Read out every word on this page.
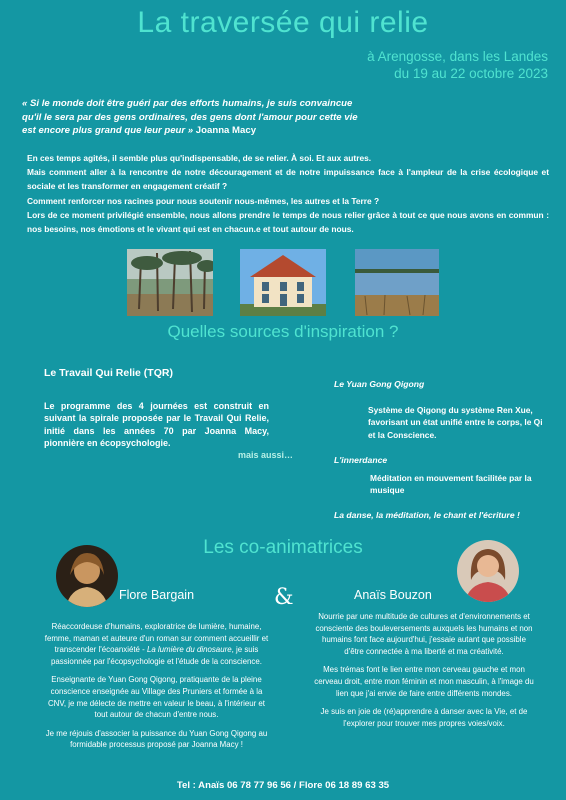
La traversée qui relie
à Arengosse, dans les Landes
du 19 au 22 octobre 2023
« Si le monde doit être guéri par des efforts humains, je suis convaincue qu'il le sera par des gens ordinaires, des gens dont l'amour pour cette vie est encore plus grand que leur peur » Joanna Macy

En ces temps agités, il semble plus qu'indispensable, de se relier. À soi. Et aux autres.

Mais comment aller à la rencontre de notre découragement et de notre impuissance face à l'ampleur de la crise écologique et sociale et les transformer en engagement créatif ?

Comment renforcer nos racines pour nous soutenir nous-mêmes, les autres et la Terre ?

Lors de ce moment privilégié ensemble, nous allons prendre le temps de nous relier grâce à tout ce que nous avons en commun : nos besoins, nos émotions et le vivant qui est en chacun.e et tout autour de nous.

Quelles sources d'inspiration ?
Le Travail Qui Relie (TQR)
Le programme des 4 journées est construit en suivant la spirale proposée par le Travail Qui Relie, initié dans les années 70 par Joanna Macy, pionnière en écopsychologie.
mais aussi…
Le Yuan Gong Qigong
Système de Qigong du système Ren Xue, favorisant un état unifié entre le corps, le Qi et la Conscience.
L'innerdance
Méditation en mouvement facilitée par la musique
La danse, la méditation, le chant et l'écriture !
Les co-animatrices
Flore Bargain	&	Anaïs Bouzon

Réaccordeuse d'humains, exploratrice de lumière, humaine, femme, maman et auteure d'un roman sur comment accueillir et transcender l'écoanxiété - La lumière du dinosaure, je suis passionnée par l'écopsychologie et l'étude de la conscience.

Enseignante de Yuan Gong Qigong, pratiquante de la pleine conscience enseignée au Village des Pruniers et formée à la CNV, je me délecte de mettre en valeur le beau, à l'intérieur et tout autour de chacun d'entre nous.

Je me réjouis d'associer la puissance du Yuan Gong Qigong au formidable processus proposé par Joanna Macy !

Nourrie par une multitude de cultures et d'environnements et consciente des bouleversements auxquels les humains et non humains font face aujourd'hui, j'essaie autant que possible d'être connectée à ma liberté et ma créativité.

Mes trémas font le lien entre mon cerveau gauche et mon cerveau droit, entre mon féminin et mon masculin, à l'image du lien que j'ai envie de faire entre différents mondes.

Je suis en joie de (ré)apprendre à danser avec la Vie, et de l'explorer pour trouver mes propres voies/voix.

Tel : Anaïs 06 78 77 96 56 / Flore 06 18 89 63 35
